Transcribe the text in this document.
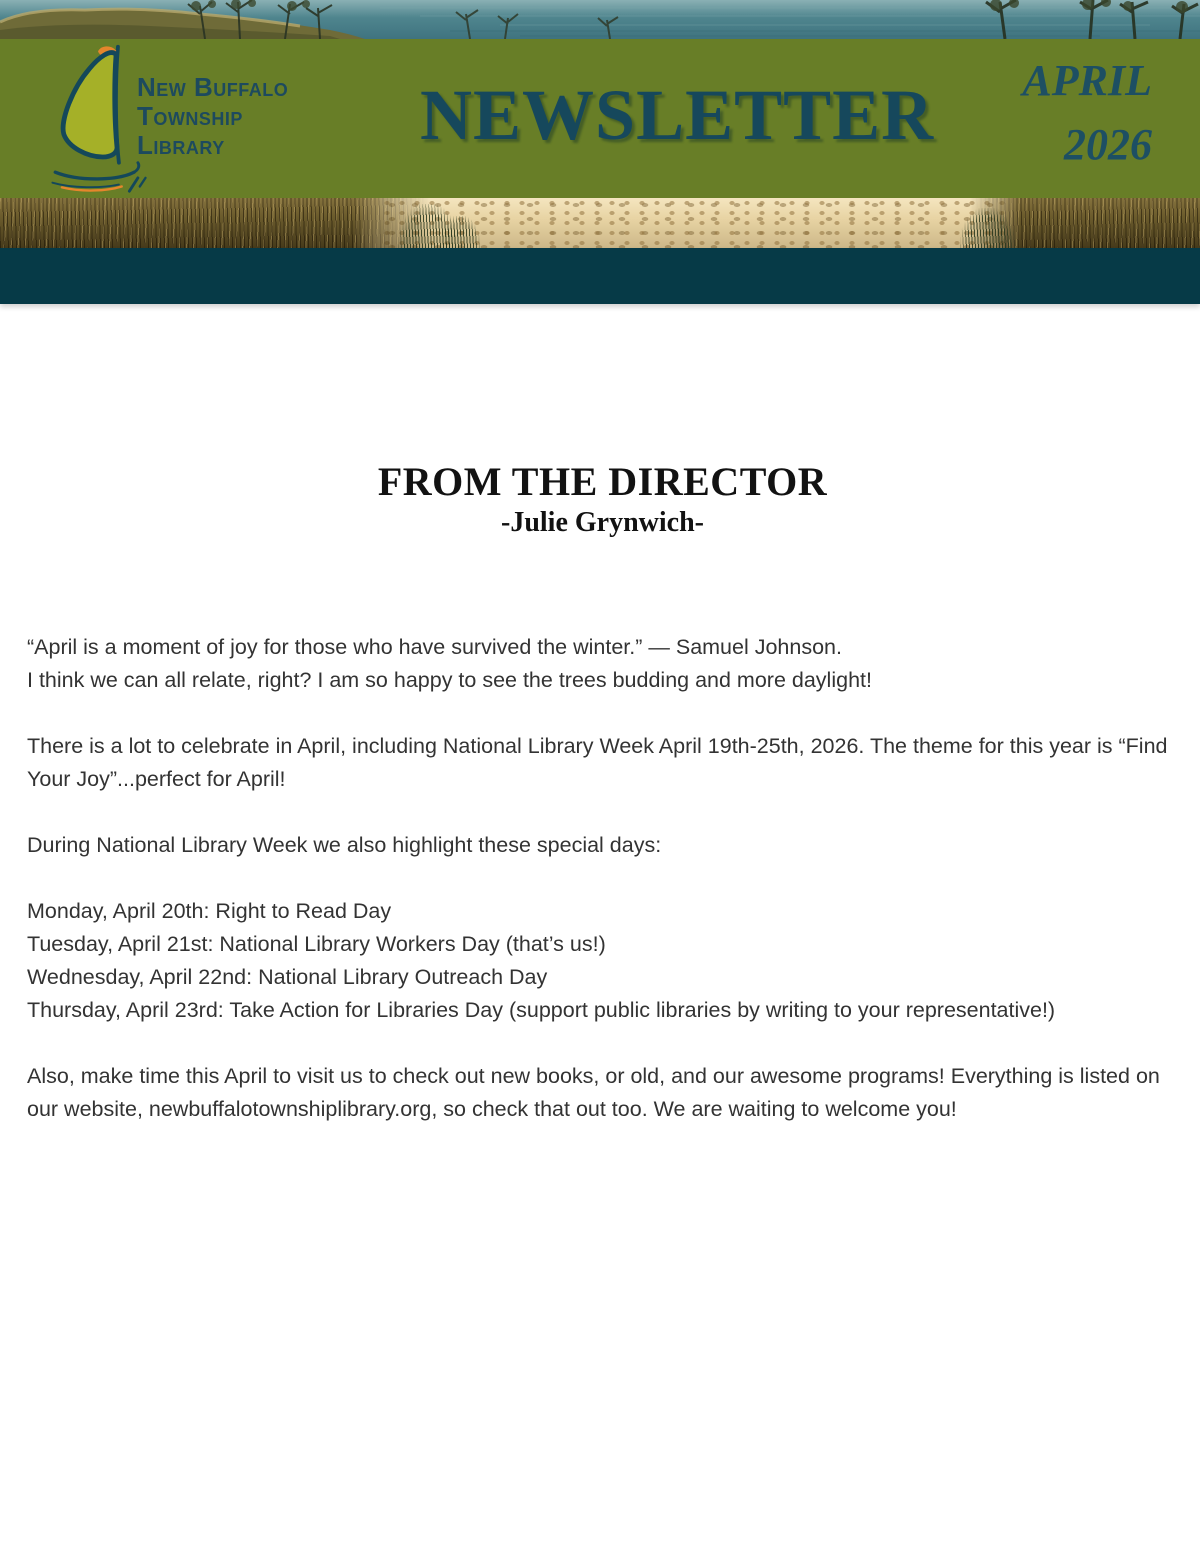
New Buffalo
Township
Library	NEWSLETTER APRIL
2026
FROM THE DIRECTOR
-Julie Grynwich-

“April is a moment of joy for those who have survived the winter.” — Samuel Johnson.
I think we can all relate, right? I am so happy to see the trees budding and more daylight!

There is a lot to celebrate in April, including National Library Week April 19th-25th, 2026. The theme for this year is “Find Your Joy”...perfect for April!

During National Library Week we also highlight these special days:

Monday, April 20th: Right to Read Day
Tuesday, April 21st: National Library Workers Day (that’s us!)
Wednesday, April 22nd: National Library Outreach Day
Thursday, April 23rd: Take Action for Libraries Day (support public libraries by writing to your representative!)

Also, make time this April to visit us to check out new books, or old, and our awesome programs! Everything is listed on our website, newbuffalotownshiplibrary.org, so check that out too. We are waiting to welcome you!
